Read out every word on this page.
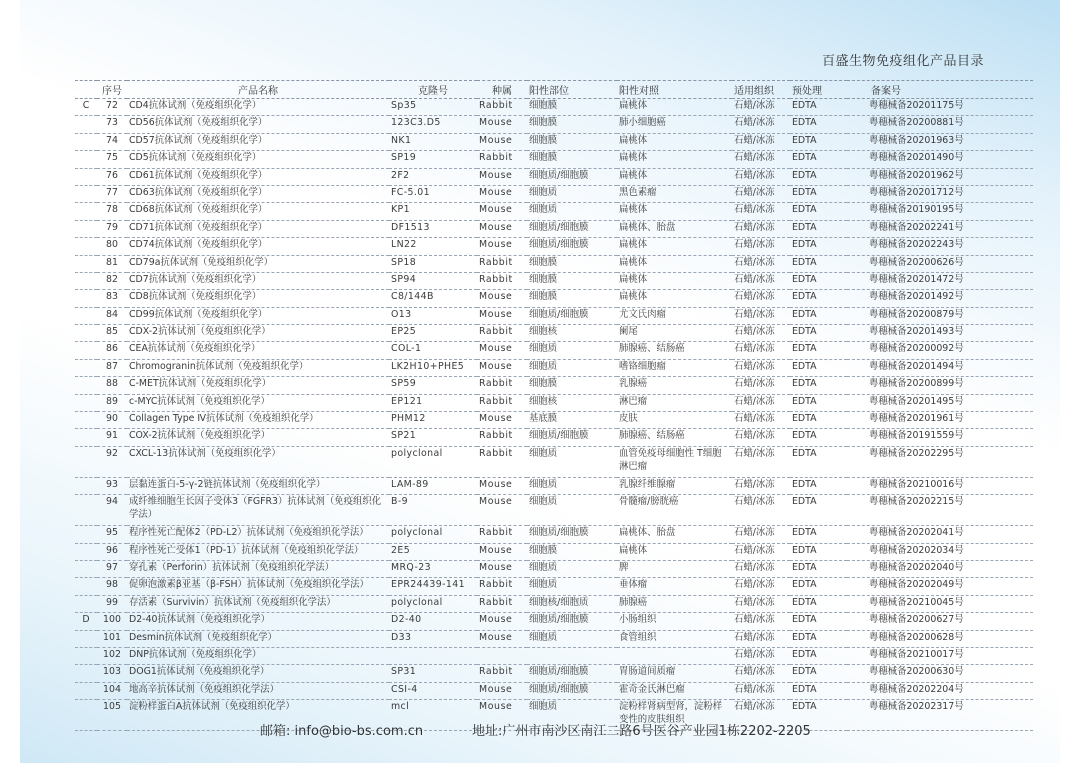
百盛生物免疫组化产品目录
	序号	产品名称	克隆号	种属	阳性部位	阳性对照	适用组织	预处理	备案号
C	72	CD4抗体试剂（免疫组织化学）	Sp35	Rabbit	细胞膜	扁桃体	石蜡/冰冻	EDTA	粤穗械备20201175号
	73	CD56抗体试剂（免疫组织化学）	123C3.D5	Mouse	细胞膜	肺小细胞癌	石蜡/冰冻	EDTA	粤穗械备20200881号
	74	CD57抗体试剂（免疫组织化学）	NK1	Mouse	细胞膜	扁桃体	石蜡/冰冻	EDTA	粤穗械备20201963号
	75	CD5抗体试剂（免疫组织化学）	SP19	Rabbit	细胞膜	扁桃体	石蜡/冰冻	EDTA	粤穗械备20201490号
	76	CD61抗体试剂（免疫组织化学）	2F2	Mouse	细胞质/细胞膜	扁桃体	石蜡/冰冻	EDTA	粤穗械备20201962号
	77	CD63抗体试剂（免疫组织化学）	FC-5.01	Mouse	细胞质	黑色素瘤	石蜡/冰冻	EDTA	粤穗械备20201712号
	78	CD68抗体试剂（免疫组织化学）	KP1	Mouse	细胞质	扁桃体	石蜡/冰冻	EDTA	粤穗械备20190195号
	79	CD71抗体试剂（免疫组织化学）	DF1513	Mouse	细胞质/细胞膜	扁桃体、胎盘	石蜡/冰冻	EDTA	粤穗械备20202241号
	80	CD74抗体试剂（免疫组织化学）	LN22	Mouse	细胞质/细胞膜	扁桃体	石蜡/冰冻	EDTA	粤穗械备20202243号
	81	CD79a抗体试剂（免疫组织化学）	SP18	Rabbit	细胞膜	扁桃体	石蜡/冰冻	EDTA	粤穗械备20200626号
	82	CD7抗体试剂（免疫组织化学）	SP94	Rabbit	细胞膜	扁桃体	石蜡/冰冻	EDTA	粤穗械备20201472号
	83	CD8抗体试剂（免疫组织化学）	C8/144B	Mouse	细胞膜	扁桃体	石蜡/冰冻	EDTA	粤穗械备20201492号
	84	CD99抗体试剂（免疫组织化学）	O13	Mouse	细胞质/细胞膜	尤文氏肉瘤	石蜡/冰冻	EDTA	粤穗械备20200879号
	85	CDX-2抗体试剂（免疫组织化学）	EP25	Rabbit	细胞核	阑尾	石蜡/冰冻	EDTA	粤穗械备20201493号
	86	CEA抗体试剂（免疫组织化学）	COL-1	Mouse	细胞质	肺腺癌、结肠癌	石蜡/冰冻	EDTA	粤穗械备20200092号
	87	Chromogranin抗体试剂（免疫组织化学）	LK2H10+PHE5	Mouse	细胞质	嗜铬细胞瘤	石蜡/冰冻	EDTA	粤穗械备20201494号
	88	C-MET抗体试剂（免疫组织化学）	SP59	Rabbit	细胞膜	乳腺癌	石蜡/冰冻	EDTA	粤穗械备20200899号
	89	c-MYC抗体试剂（免疫组织化学）	EP121	Rabbit	细胞核	淋巴瘤	石蜡/冰冻	EDTA	粤穗械备20201495号
	90	Collagen Type Ⅳ抗体试剂（免疫组织化学）	PHM12	Mouse	基底膜	皮肤	石蜡/冰冻	EDTA	粤穗械备20201961号
	91	COX-2抗体试剂（免疫组织化学）	SP21	Rabbit	细胞质/细胞膜	肺腺癌、结肠癌	石蜡/冰冻	EDTA	粤穗械备20191559号
	92	CXCL-13抗体试剂（免疫组织化学）	polyclonal	Rabbit	细胞质	血管免疫母细胞性 T细胞淋巴瘤	石蜡/冰冻	EDTA	粤穗械备20202295号
	93	层黏连蛋白-5-γ-2链抗体试剂（免疫组织化学）	LAM-89	Mouse	细胞质	乳腺纤维腺瘤	石蜡/冰冻	EDTA	粤穗械备20210016号
	94	成纤维细胞生长因子受体3（FGFR3）抗体试剂（免疫组织化学法）	B-9	Mouse	细胞质	骨髓瘤/膀胱癌	石蜡/冰冻	EDTA	粤穗械备20202215号
	95	程序性死亡配体2（PD-L2）抗体试剂（免疫组织化学法）	polyclonal	Rabbit	细胞质/细胞膜	扁桃体、胎盘	石蜡/冰冻	EDTA	粤穗械备20202041号
	96	程序性死亡受体1（PD-1）抗体试剂（免疫组织化学法）	2E5	Mouse	细胞膜	扁桃体	石蜡/冰冻	EDTA	粤穗械备20202034号
	97	穿孔素（Perforin）抗体试剂（免疫组织化学法）	MRQ-23	Mouse	细胞质	脾	石蜡/冰冻	EDTA	粤穗械备20202040号
	98	促卵泡激素β亚基（β-FSH）抗体试剂（免疫组织化学法）	EPR24439-141	Rabbit	细胞质	垂体瘤	石蜡/冰冻	EDTA	粤穗械备20202049号
	99	存活素（Survivin）抗体试剂（免疫组织化学法）	polyclonal	Rabbit	细胞核/细胞质	肺腺癌	石蜡/冰冻	EDTA	粤穗械备20210045号
D	100	D2-40抗体试剂（免疫组织化学）	D2-40	Mouse	细胞质/细胞膜	小肠组织	石蜡/冰冻	EDTA	粤穗械备20200627号
	101	Desmin抗体试剂（免疫组织化学）	D33	Mouse	细胞质	食管组织	石蜡/冰冻	EDTA	粤穗械备20200628号
	102	DNP抗体试剂（免疫组织化学）					石蜡/冰冻	EDTA	粤穗械备20210017号
	103	DOG1抗体试剂（免疫组织化学）	SP31	Rabbit	细胞质/细胞膜	胃肠道间质瘤	石蜡/冰冻	EDTA	粤穗械备20200630号
	104	地高辛抗体试剂（免疫组织化学法）	CSI-4	Mouse	细胞质/细胞膜	霍奇金氏淋巴瘤	石蜡/冰冻	EDTA	粤穗械备20202204号
	105	淀粉样蛋白A抗体试剂（免疫组织化学）	mcl	Mouse	细胞质	淀粉样肾病型肾，淀粉样变性的皮肤组织	石蜡/冰冻	EDTA	粤穗械备20202317号
邮箱: info@bio-bs.com.cn	地址:广州市南沙区南江二路6号医谷产业园1栋2202-2205
